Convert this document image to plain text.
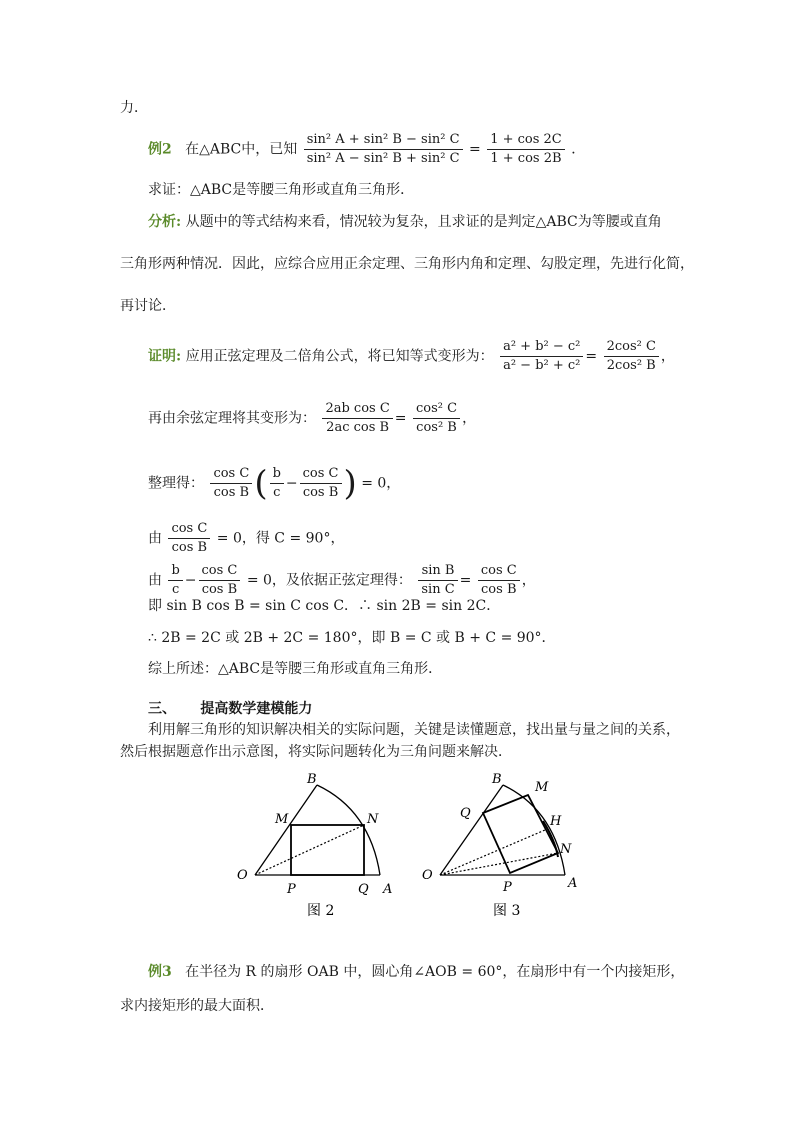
力．
例2 在△ABC中，已知 $\frac{\text{sin² A + sin² B − sin² C}}{\text{sin² A − sin² B + sin² C}} = \frac{1 + \cos 2C}{1 + \cos 2B}$ ．
求证：△ABC是等腰三角形或直角三角形．
分析: 从题中的等式结构来看，情况较为复杂，且求证的是判定△ABC为等腰或直角
三角形两种情况．因此，应综合应用正余定理、三角形内角和定理、勾股定理，先进行化简，
再讨论．
证明: 应用正弦定理及二倍角公式，将已知等式变形为： $\frac{\text{a² + b² − c²}}{\text{a² − b² + c²}} = \frac{\text{2cos² C}}{\text{2cos² B}}$ ，
再由余弦定理将其变形为： $\frac{\text{2ab cos C}}{\text{2ac cos B}} = \frac{\text{cos² C}}{\text{cos² B}}$ ，
整理得： $\frac{\text{cos C}}{\text{cos B}}$ ( $\frac{b}{c} - \frac{\text{cos C}}{\text{cos B}}$ ) = 0，
由 $\frac{\text{cos C}}{\text{cos B}} = 0$，得 C = 90°，
由 $\frac{b}{c} - \frac{\text{cos C}}{\text{cos B}} = 0$，及依据正弦定理得： $\frac{\text{sin B}}{\text{sin C}} = \frac{\text{cos C}}{\text{cos B}}$ ，
即 sin B cos B = sin C cos C．∴ sin 2B = sin 2C．
∴ 2B = 2C 或 2B + 2C = 180°，即 B = C 或 B + C = 90°．
综上所述：△ABC是等腰三角形或直角三角形．
三、 提高数学建模能力
利用解三角形的知识解决相关的实际问题，关键是读懂题意，找出量与量之间的关系，
然后根据题意作出示意图，将实际问题转化为三角问题来解决．
B
M	N
O
P	Q A
图 2
B
M
Q
H
N
O
P	A
图 3
例3 在半径为 R 的扇形 OAB 中，圆心角∠AOB = 60°，在扇形中有一个内接矩形，
求内接矩形的最大面积．
